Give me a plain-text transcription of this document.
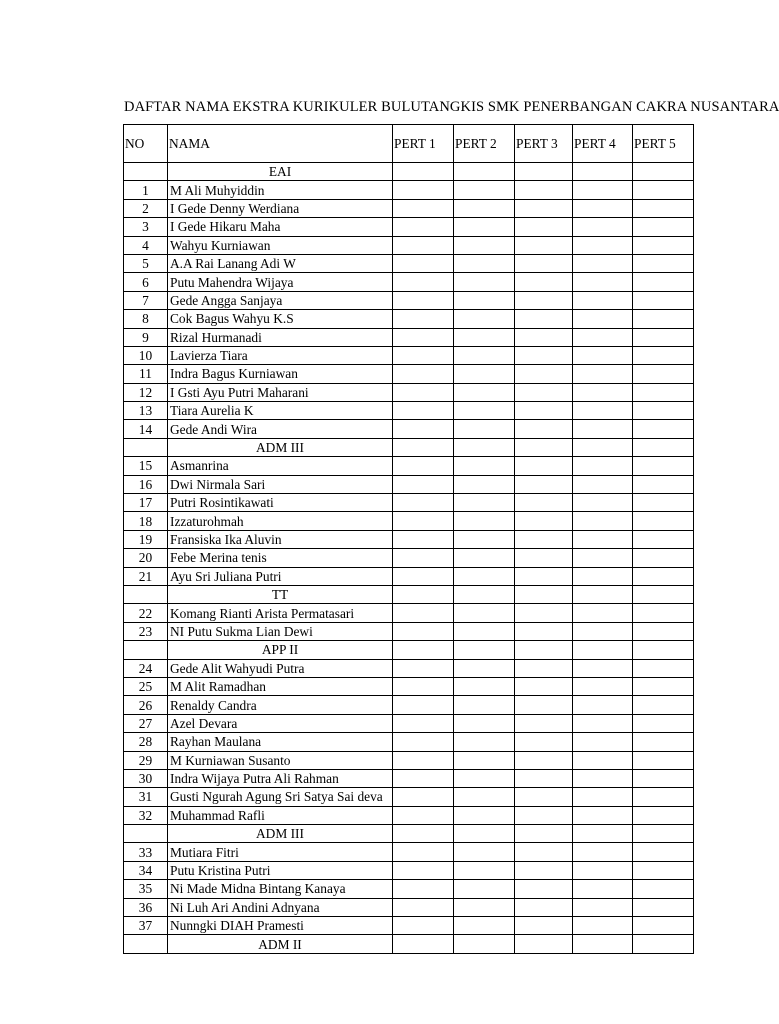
DAFTAR NAMA EKSTRA KURIKULER BULUTANGKIS SMK PENERBANGAN CAKRA NUSANTARA
NO	NAMA	PERT 1	PERT 2	PERT 3	PERT 4	PERT 5
	EAI					
1	M Ali Muhyiddin					
2	I Gede Denny Werdiana					
3	I Gede Hikaru Maha					
4	Wahyu Kurniawan					
5	A.A Rai Lanang Adi W					
6	Putu Mahendra Wijaya					
7	Gede Angga Sanjaya					
8	Cok Bagus Wahyu K.S					
9	Rizal Hurmanadi					
10	Lavierza Tiara					
11	Indra Bagus Kurniawan					
12	I Gsti Ayu Putri Maharani					
13	Tiara Aurelia K					
14	Gede Andi Wira					
	ADM III					
15	Asmanrina					
16	Dwi Nirmala Sari					
17	Putri Rosintikawati					
18	Izzaturohmah					
19	Fransiska Ika Aluvin					
20	Febe Merina tenis					
21	Ayu Sri Juliana Putri					
	TT					
22	Komang Rianti Arista Permatasari					
23	NI Putu Sukma Lian Dewi					
	APP II					
24	Gede Alit Wahyudi Putra					
25	M Alit Ramadhan					
26	Renaldy Candra					
27	Azel Devara					
28	Rayhan Maulana					
29	M Kurniawan Susanto					
30	Indra Wijaya Putra Ali Rahman					
31	Gusti Ngurah Agung Sri Satya Sai deva					
32	Muhammad Rafli					
	ADM III					
33	Mutiara Fitri					
34	Putu Kristina Putri					
35	Ni Made Midna Bintang Kanaya					
36	Ni Luh Ari Andini Adnyana					
37	Nunngki DIAH Pramesti					
	ADM II					
